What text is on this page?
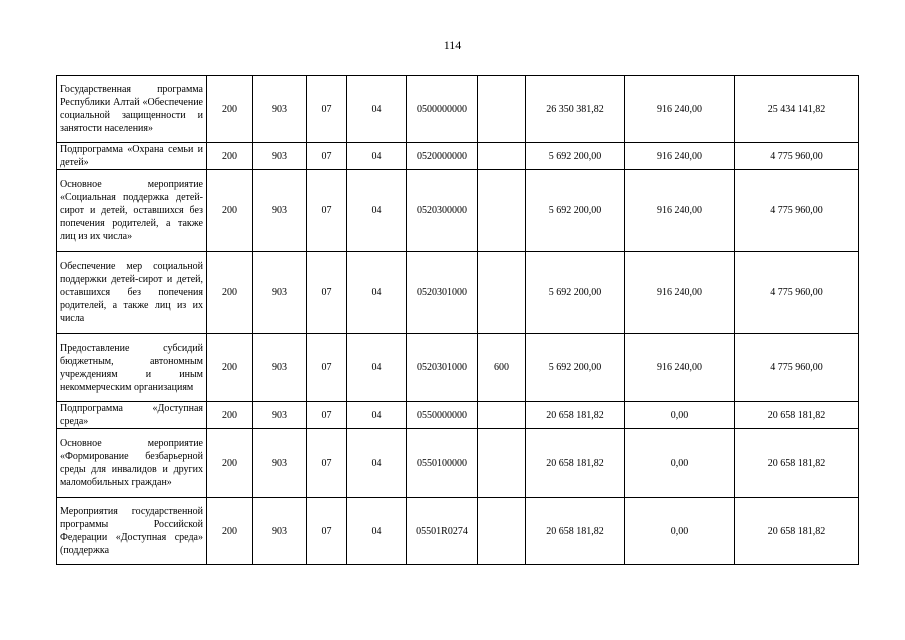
114
Государственная программа Республики Алтай «Обеспечение социальной защищенности и занятости населения»	200	903	07	04	0500000000		26 350 381,82	916 240,00	25 434 141,82
Подпрограмма «Охрана семьи и детей»	200	903	07	04	0520000000		5 692 200,00	916 240,00	4 775 960,00
Основное мероприятие «Социальная поддержка детей-сирот и детей, оставшихся без попечения родителей, а также лиц из их числа»	200	903	07	04	0520300000		5 692 200,00	916 240,00	4 775 960,00
Обеспечение мер социальной поддержки детей-сирот и детей, оставшихся без попечения родителей, а также лиц из их числа	200	903	07	04	0520301000		5 692 200,00	916 240,00	4 775 960,00
Предоставление субсидий бюджетным, автономным учреждениям и иным некоммерческим организациям	200	903	07	04	0520301000	600	5 692 200,00	916 240,00	4 775 960,00
Подпрограмма «Доступная среда»	200	903	07	04	0550000000		20 658 181,82	0,00	20 658 181,82
Основное мероприятие «Формирование безбарьерной среды для инвалидов и других маломобильных граждан»	200	903	07	04	0550100000		20 658 181,82	0,00	20 658 181,82
Мероприятия государственной программы Российской Федерации «Доступная среда» (поддержка	200	903	07	04	05501R0274		20 658 181,82	0,00	20 658 181,82
